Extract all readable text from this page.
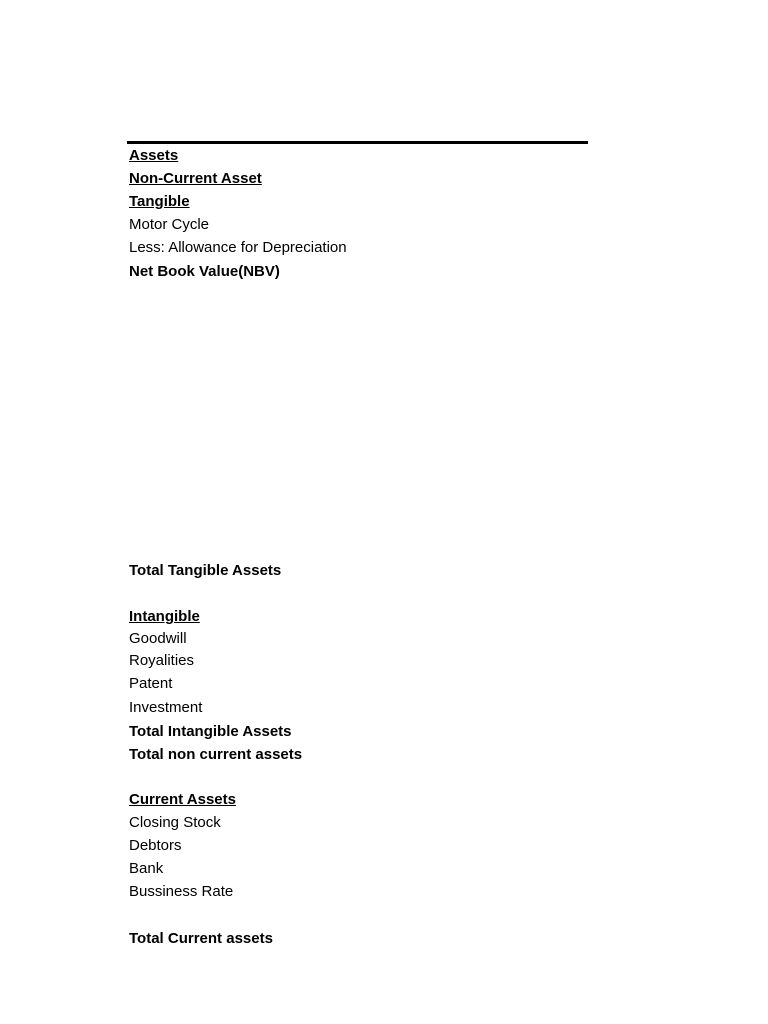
Assets
Non-Current Asset
Tangible
Motor Cycle
Less: Allowance for Depreciation
Net Book Value(NBV)
Total Tangible Assets
Intangible
Goodwill
Royalities
Patent
Investment
Total Intangible Assets
Total non current assets
Current Assets
Closing Stock
Debtors
Bank
Bussiness Rate
Total Current assets
